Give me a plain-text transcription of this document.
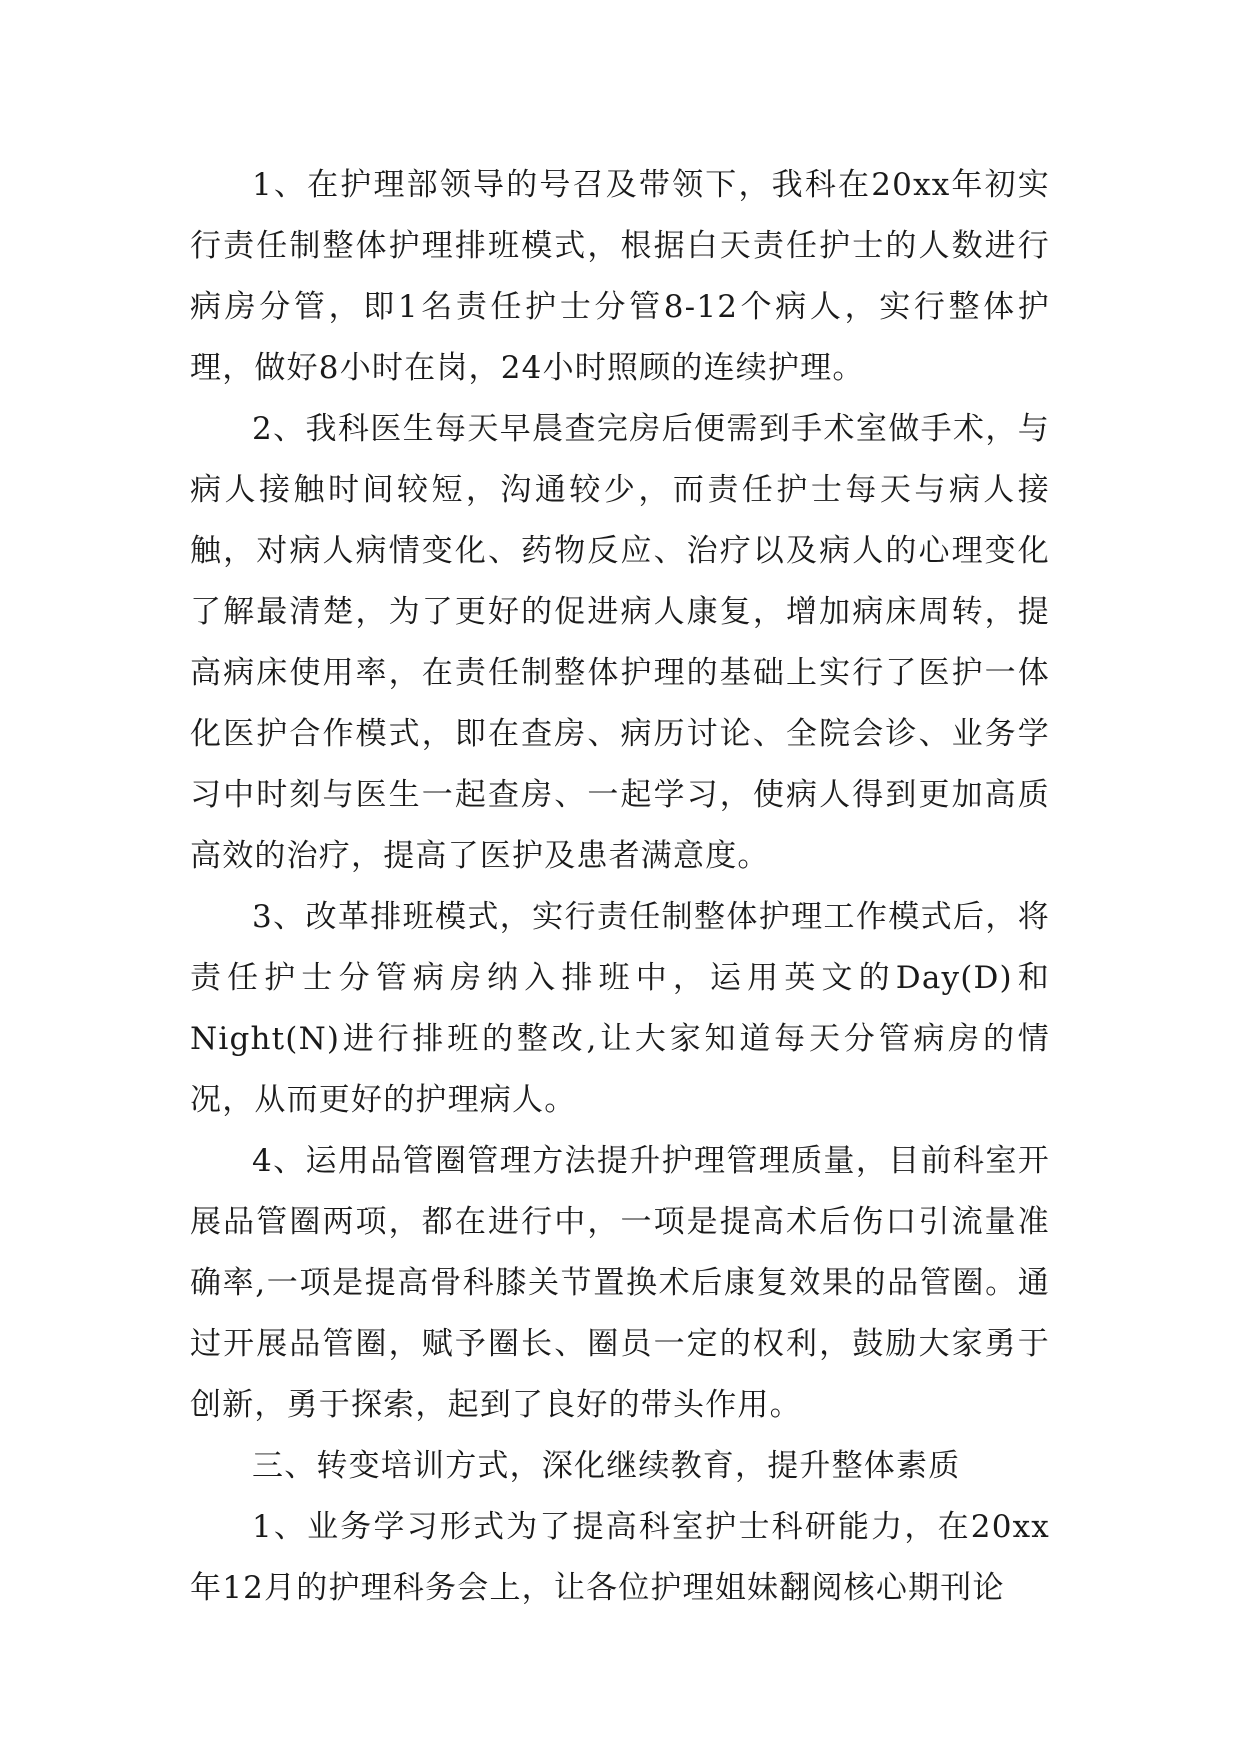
1、在护理部领导的号召及带领下，我科在20xx年初实行责任制整体护理排班模式，根据白天责任护士的人数进行病房分管，即1名责任护士分管8-12个病人，实行整体护理，做好8小时在岗，24小时照顾的连续护理。

2、我科医生每天早晨查完房后便需到手术室做手术，与病人接触时间较短，沟通较少，而责任护士每天与病人接触，对病人病情变化、药物反应、治疗以及病人的心理变化了解最清楚，为了更好的促进病人康复，增加病床周转，提高病床使用率，在责任制整体护理的基础上实行了医护一体化医护合作模式，即在查房、病历讨论、全院会诊、业务学习中时刻与医生一起查房、一起学习，使病人得到更加高质高效的治疗，提高了医护及患者满意度。

3、改革排班模式，实行责任制整体护理工作模式后，将责任护士分管病房纳入排班中，运用英文的Day(D)和Night(N)进行排班的整改,让大家知道每天分管病房的情况，从而更好的护理病人。

4、运用品管圈管理方法提升护理管理质量，目前科室开展品管圈两项，都在进行中，一项是提高术后伤口引流量准确率,一项是提高骨科膝关节置换术后康复效果的品管圈。通过开展品管圈，赋予圈长、圈员一定的权利，鼓励大家勇于创新，勇于探索，起到了良好的带头作用。

三、转变培训方式，深化继续教育，提升整体素质

1、业务学习形式为了提高科室护士科研能力，在20xx年12月的护理科务会上，让各位护理姐妹翻阅核心期刊论
